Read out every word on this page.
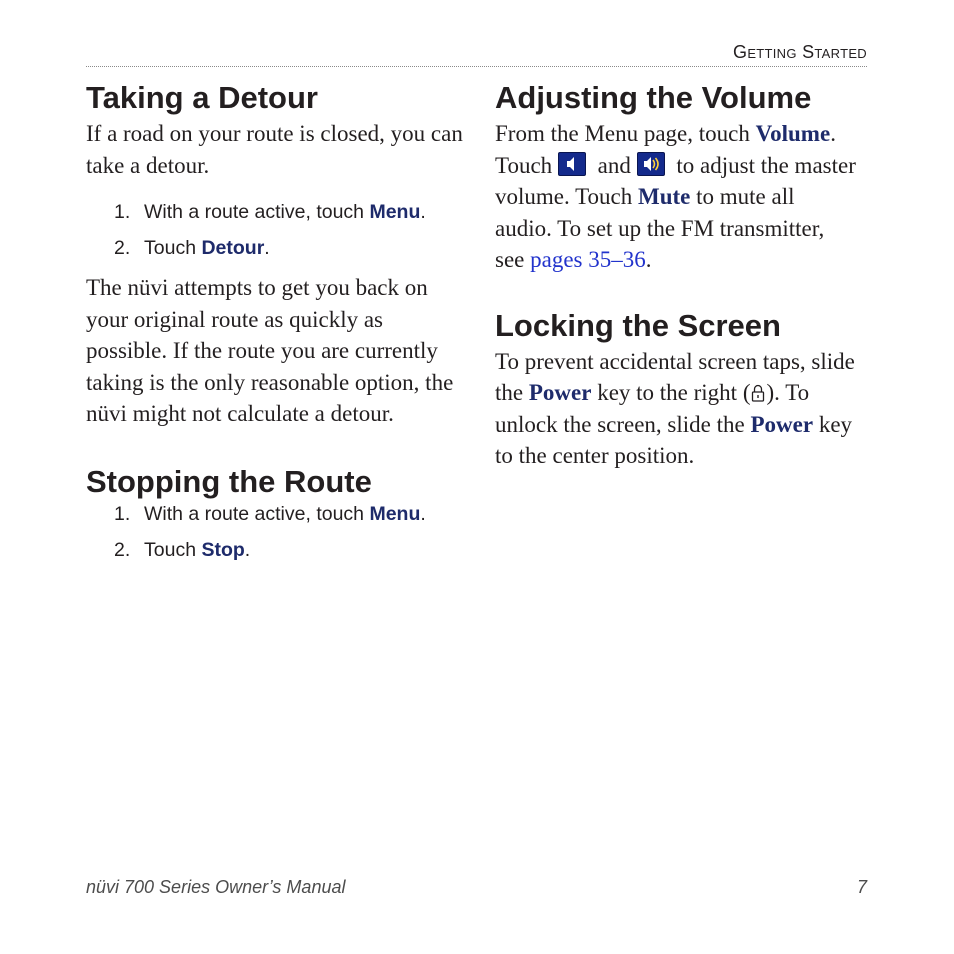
Getting Started
Taking a Detour

If a road on your route is closed, you can take a detour.

1. With a route active, touch Menu.
2. Touch Detour.

The nüvi attempts to get you back on your original route as quickly as possible. If the route you are currently taking is the only reasonable option, the nüvi might not calculate a detour.

Stopping the Route
1. With a route active, touch Menu.
2. Touch Stop.
Adjusting the Volume

From the Menu page, touch Volume. Touch
and
to adjust the master volume. Touch Mute to mute all audio. To set up the FM transmitter, see pages 35–36.

Locking the Screen

To prevent accidental screen taps, slide the Power key to the right ( ). To unlock the screen, slide the Power key to the center position.

nüvi 700 Series Owner’s Manual	7
